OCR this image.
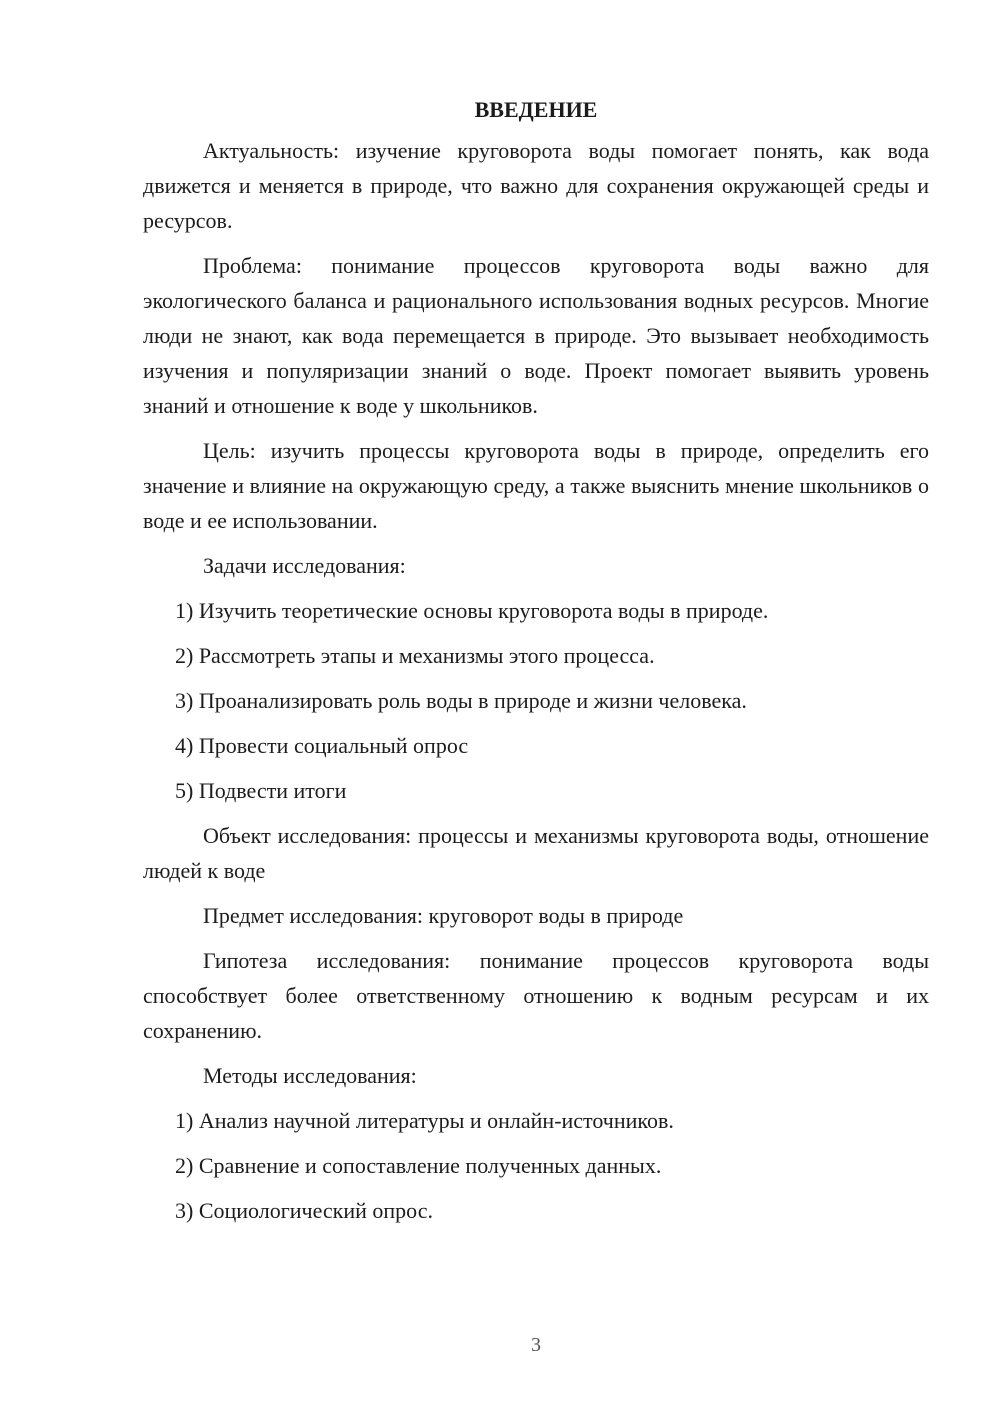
ВВЕДЕНИЕ

Актуальность: изучение круговорота воды помогает понять, как вода движется и меняется в природе, что важно для сохранения окружающей среды и ресурсов.

Проблема: понимание процессов круговорота воды важно для экологического баланса и рационального использования водных ресурсов. Многие люди не знают, как вода перемещается в природе. Это вызывает необходимость изучения и популяризации знаний о воде. Проект помогает выявить уровень знаний и отношение к воде у школьников.

Цель: изучить процессы круговорота воды в природе, определить его значение и влияние на окружающую среду, а также выяснить мнение школьников о воде и ее использовании.

Задачи исследования:

1) Изучить теоретические основы круговорота воды в природе.
2) Рассмотреть этапы и механизмы этого процесса.
3) Проанализировать роль воды в природе и жизни человека.
4) Провести социальный опрос
5) Подвести итоги

Объект исследования: процессы и механизмы круговорота воды, отношение людей к воде

Предмет исследования: круговорот воды в природе

Гипотеза исследования: понимание процессов круговорота воды способствует более ответственному отношению к водным ресурсам и их сохранению.

Методы исследования:

1) Анализ научной литературы и онлайн-источников.
2) Сравнение и сопоставление полученных данных.
3) Социологический опрос.
3
